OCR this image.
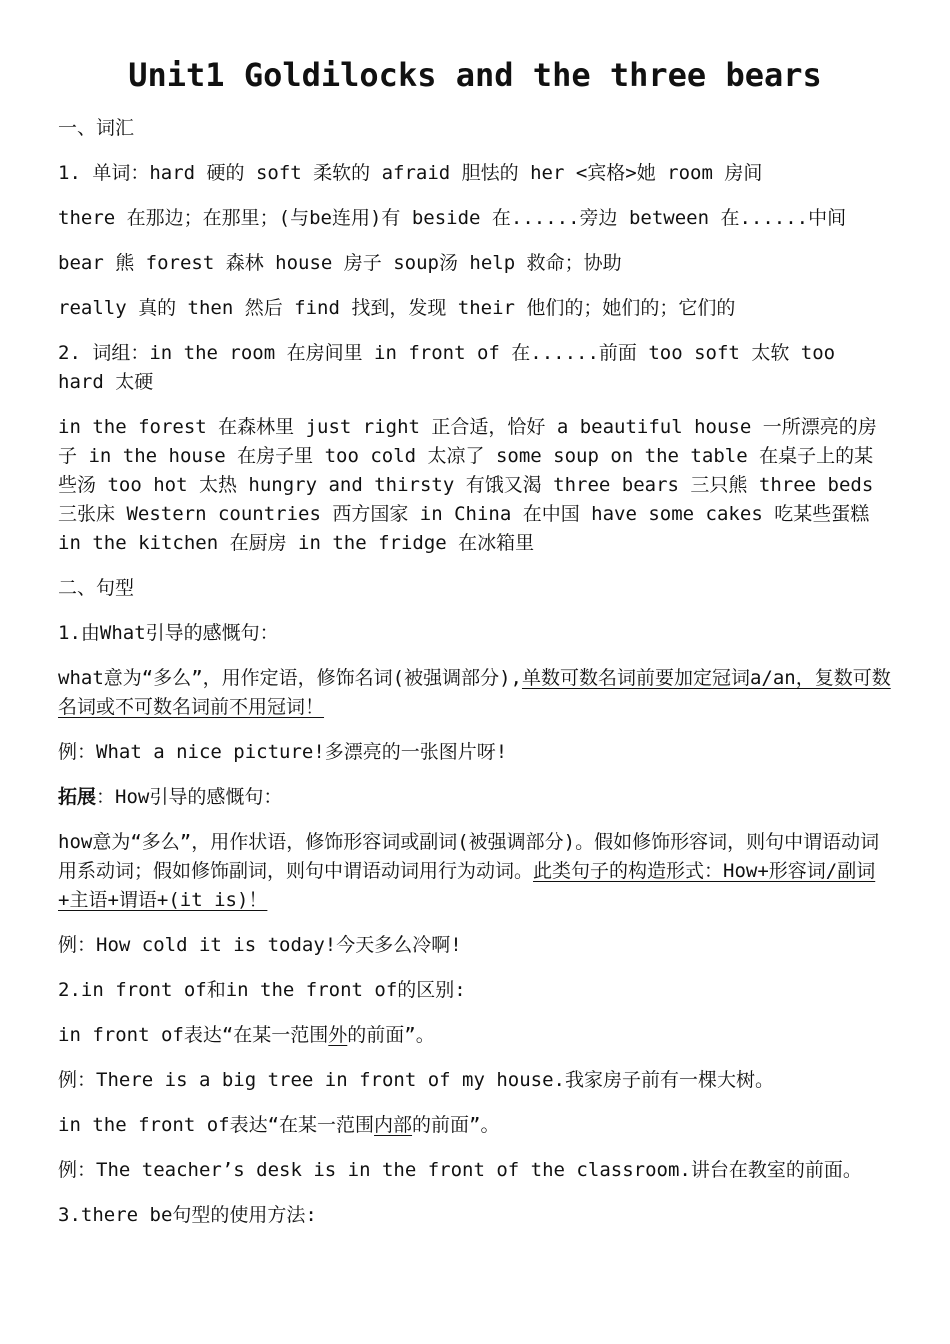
Unit1 Goldilocks and the three bears

一、词汇

1. 单词：hard 硬的 soft 柔软的 afraid 胆怯的 her <宾格>她 room 房间

there 在那边；在那里；(与be连用)有 beside 在......旁边 between 在......中间

bear 熊 forest 森林 house 房子 soup汤 help 救命；协助

really 真的 then 然后 find 找到，发现 their 他们的；她们的；它们的

2. 词组：in the room 在房间里 in front of 在......前面 too soft 太软 too hard 太硬

in the forest 在森林里 just right 正合适，恰好 a beautiful house 一所漂亮的房子 in the house 在房子里 too cold 太凉了 some soup on the table 在桌子上的某些汤 too hot 太热 hungry and thirsty 有饿又渴 three bears 三只熊 three beds 三张床 Western countries 西方国家 in China 在中国 have some cakes 吃某些蛋糕 in the kitchen 在厨房 in the fridge 在冰箱里

二、句型

1.由What引导的感慨句：

what意为“多么”，用作定语，修饰名词(被强调部分),单数可数名词前要加定冠词a/an，复数可数名词或不可数名词前不用冠词！

例：What a nice picture!多漂亮的一张图片呀!

拓展：How引导的感慨句：

how意为“多么”，用作状语，修饰形容词或副词(被强调部分)。假如修饰形容词，则句中谓语动词用系动词；假如修饰副词，则句中谓语动词用行为动词。此类句子的构造形式：How+形容词/副词+主语+谓语+(it is)！

例：How cold it is today!今天多么冷啊!

2.in front of和in the front of的区别:

in front of表达“在某一范围外的前面”。

例：There is a big tree in front of my house.我家房子前有一棵大树。

in the front of表达“在某一范围内部的前面”。

例：The teacher’s desk is in the front of the classroom.讲台在教室的前面。

3.there be句型的使用方法:
